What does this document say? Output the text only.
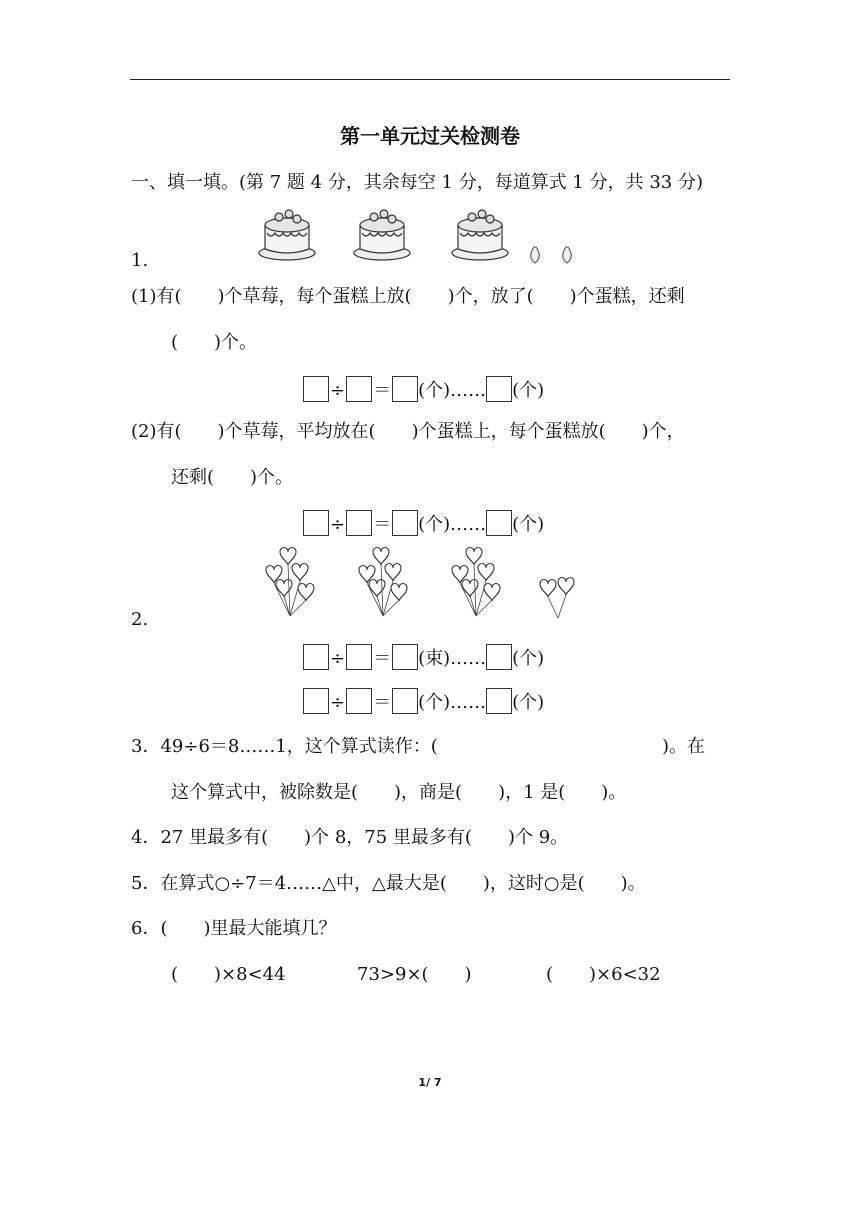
第一单元过关检测卷
一、填一填。(第 7 题 4 分，其余每空 1 分，每道算式 1 分，共 33 分)
1.
(1)有(　　)个草莓，每个蛋糕上放(　　)个，放了(　　)个蛋糕，还剩
(　　)个。
÷ ＝ (个) …… (个)
(2)有(　　)个草莓，平均放在(　　)个蛋糕上，每个蛋糕放(　　)个，
还剩(　　)个。
÷ ＝ (个) …… (个)
2.
÷ ＝ (束) …… (个)
÷ ＝ (个) …… (个)
3．49÷6＝8……1，这个算式读作：(	)。在
这个算式中，被除数是(　　)，商是(　　)，1 是(　　)。
4．27 里最多有(　　)个 8，75 里最多有(　　)个 9。
5．在算式○÷7＝4……△中，△最大是(　　)，这时○是(　　)。
6．(　　)里最大能填几？
(　　)×8<44	73>9×(　　)	(　　)×6<32
1/ 7
